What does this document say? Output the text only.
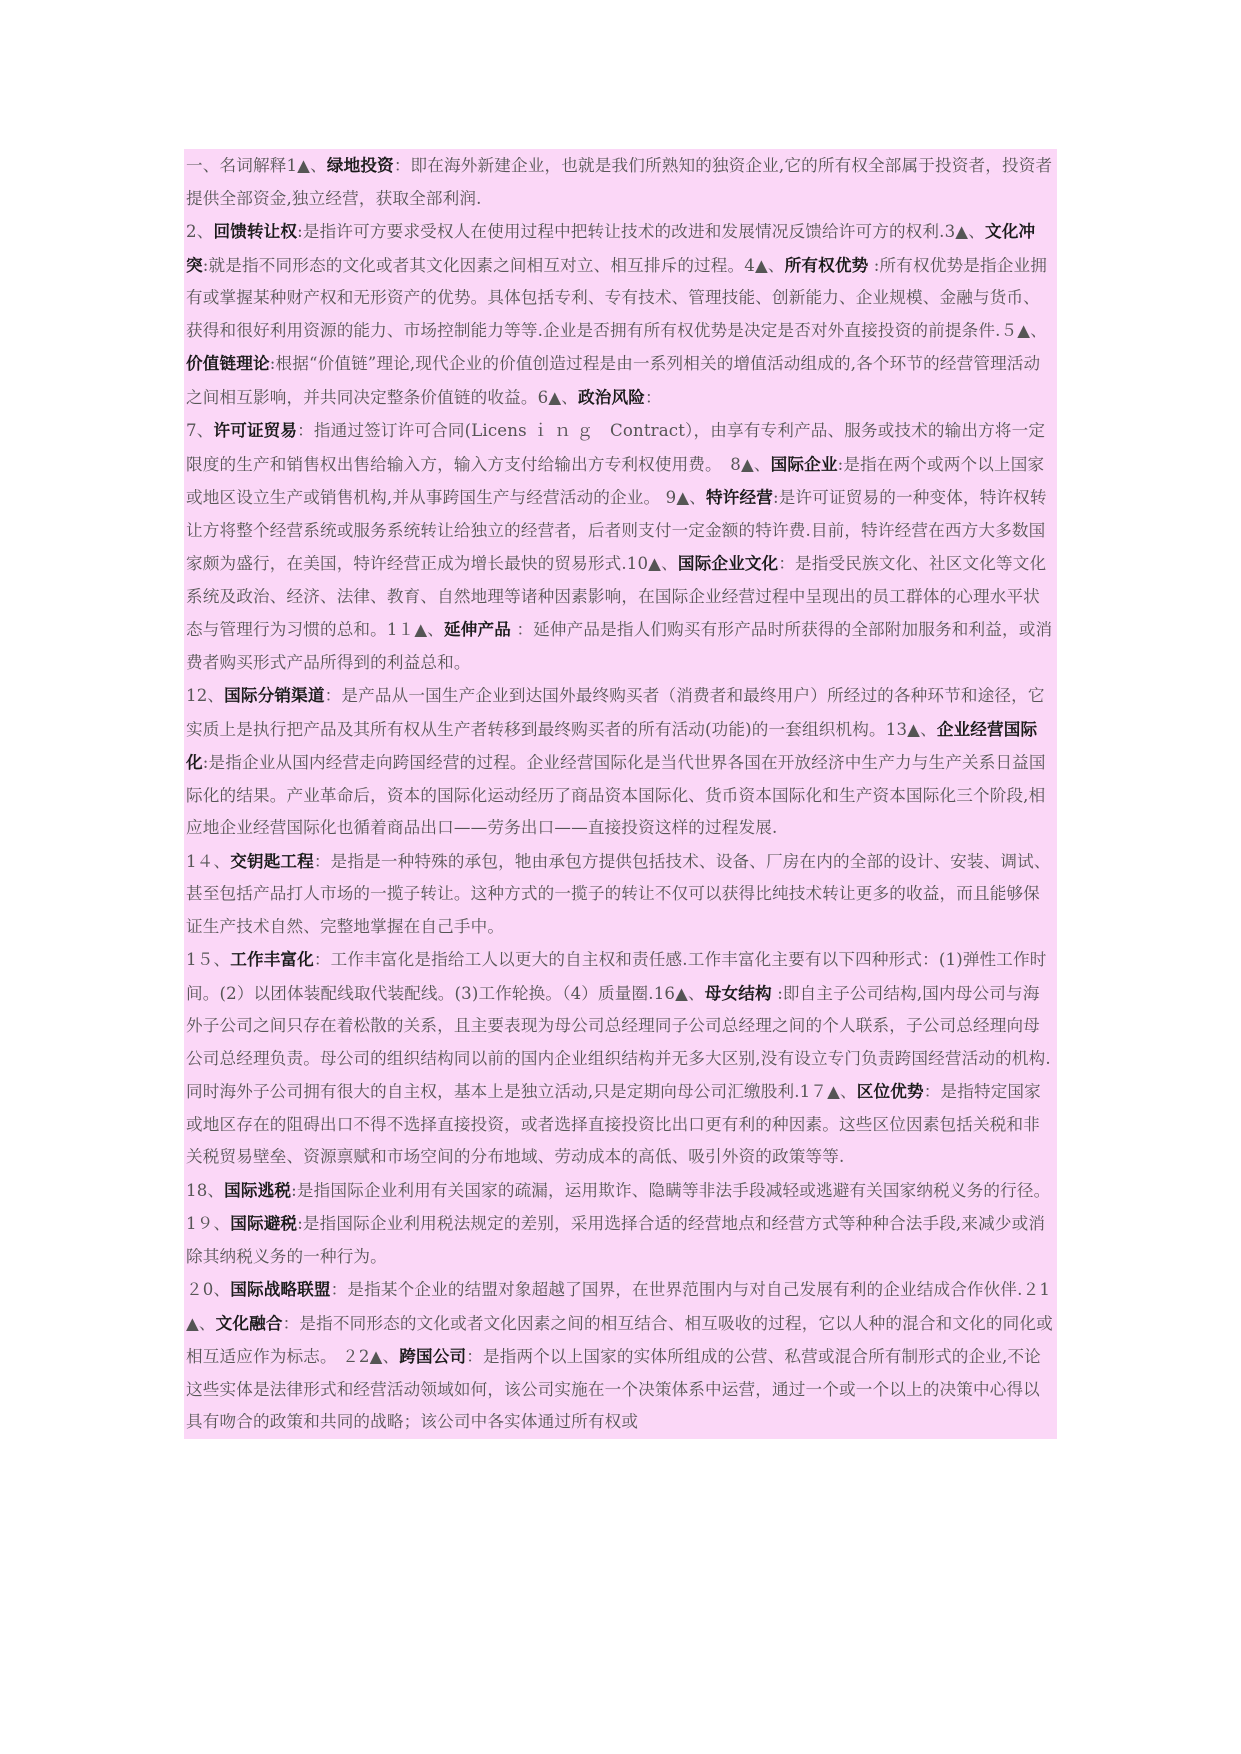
一、名词解释1▲、绿地投资：即在海外新建企业，也就是我们所熟知的独资企业,它的所有权全部属于投资者，投资者提供全部资金,独立经营，获取全部利润.

2、回馈转让权:是指许可方要求受权人在使用过程中把转让技术的改进和发展情况反馈给许可方的权利.3▲、文化冲突:就是指不同形态的文化或者其文化因素之间相互对立、相互排斥的过程。4▲、所有权优势 :所有权优势是指企业拥有或掌握某种财产权和无形资产的优势。具体包括专利、专有技术、管理技能、创新能力、企业规模、金融与货币、获得和很好利用资源的能力、市场控制能力等等.企业是否拥有所有权优势是决定是否对外直接投资的前提条件.５▲、价值链理论:根据“价值链”理论,现代企业的价值创造过程是由一系列相关的增值活动组成的,各个环节的经营管理活动之间相互影响，并共同决定整条价值链的收益。6▲、政治风险：

7、许可证贸易：指通过签订许可合同(Licens ｉ ｎ ｇ　Contract），由享有专利产品、服务或技术的输出方将一定限度的生产和销售权出售给输入方，输入方支付给输出方专利权使用费。　8▲、国际企业:是指在两个或两个以上国家或地区设立生产或销售机构,并从事跨国生产与经营活动的企业。 9▲、特许经营:是许可证贸易的一种变体，特许权转让方将整个经营系统或服务系统转让给独立的经营者，后者则支付一定金额的特许费.目前，特许经营在西方大多数国家颇为盛行，在美国，特许经营正成为增长最快的贸易形式.10▲、国际企业文化：是指受民族文化、社区文化等文化系统及政治、经济、法律、教育、自然地理等诸种因素影响，在国际企业经营过程中呈现出的员工群体的心理水平状态与管理行为习惯的总和。1１▲、延伸产品 ：延伸产品是指人们购买有形产品时所获得的全部附加服务和利益，或消费者购买形式产品所得到的利益总和。

12、国际分销渠道：是产品从一国生产企业到达国外最终购买者（消费者和最终用户）所经过的各种环节和途径，它实质上是执行把产品及其所有权从生产者转移到最终购买者的所有活动(功能)的一套组织机构。13▲、企业经营国际化:是指企业从国内经营走向跨国经营的过程。企业经营国际化是当代世界各国在开放经济中生产力与生产关系日益国际化的结果。产业革命后，资本的国际化运动经历了商品资本国际化、货币资本国际化和生产资本国际化三个阶段,相应地企业经营国际化也循着商品出口——劳务出口——直接投资这样的过程发展.

1４、交钥匙工程：是指是一种特殊的承包，牠由承包方提供包括技术、设备、厂房在内的全部的设计、安装、调试、甚至包括产品打人市场的一揽子转让。这种方式的一揽子的转让不仅可以获得比纯技术转让更多的收益，而且能够保证生产技术自然、完整地掌握在自己手中。

1５、工作丰富化：工作丰富化是指给工人以更大的自主权和责任感.工作丰富化主要有以下四种形式：(1)弹性工作时间。(2）以团体装配线取代装配线。(3)工作轮换。（4）质量圈.16▲、母女结构 :即自主子公司结构,国内母公司与海外子公司之间只存在着松散的关系，且主要表现为母公司总经理同子公司总经理之间的个人联系，子公司总经理向母公司总经理负责。母公司的组织结构同以前的国内企业组织结构并无多大区别,没有设立专门负责跨国经营活动的机构.同时海外子公司拥有很大的自主权，基本上是独立活动,只是定期向母公司汇缴股利.1７▲、区位优势：是指特定国家或地区存在的阻碍出口不得不选择直接投资，或者选择直接投资比出口更有利的种因素。这些区位因素包括关税和非关税贸易壁垒、资源禀赋和市场空间的分布地域、劳动成本的高低、吸引外资的政策等等.

18、国际逃税:是指国际企业利用有关国家的疏漏，运用欺诈、隐瞒等非法手段减轻或逃避有关国家纳税义务的行径。

1９、国际避税:是指国际企业利用税法规定的差别，采用选择合适的经营地点和经营方式等种种合法手段,来减少或消除其纳税义务的一种行为。

２0、国际战略联盟：是指某个企业的结盟对象超越了国界，在世界范围内与对自己发展有利的企业结成合作伙伴.２1▲、文化融合：是指不同形态的文化或者文化因素之间的相互结合、相互吸收的过程，它以人种的混合和文化的同化或相互适应作为标志。 ２2▲、跨国公司：是指两个以上国家的实体所组成的公营、私营或混合所有制形式的企业,不论这些实体是法律形式和经营活动领域如何，该公司实施在一个决策体系中运营，通过一个或一个以上的决策中心得以具有吻合的政策和共同的战略；该公司中各实体通过所有权或
